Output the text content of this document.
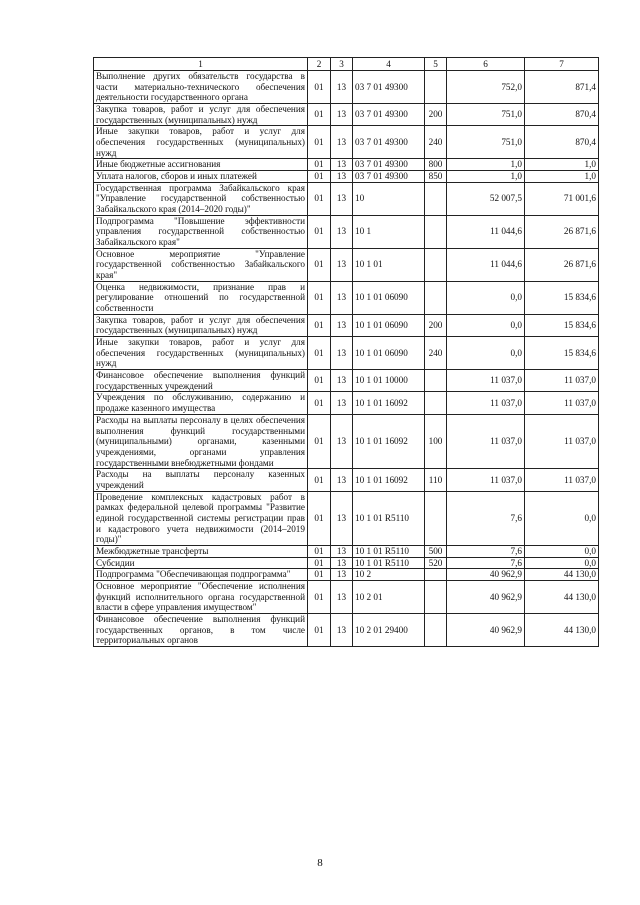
1	2	3	4	5	6	7
Выполнение других обязательств государства в части материально-технического обеспечения деятельности государственного органа	01	13	03 7 01 49300		752,0	871,4
Закупка товаров, работ и услуг для обеспечения государственных (муниципальных) нужд	01	13	03 7 01 49300	200	751,0	870,4
Иные закупки товаров, работ и услуг для обеспечения государственных (муниципальных) нужд	01	13	03 7 01 49300	240	751,0	870,4
Иные бюджетные ассигнования	01	13	03 7 01 49300	800	1,0	1,0
Уплата налогов, сборов и иных платежей	01	13	03 7 01 49300	850	1,0	1,0
Государственная программа Забайкальского края "Управление государственной собственностью Забайкальского края (2014–2020 годы)"	01	13	10		52 007,5	71 001,6
Подпрограмма "Повышение эффективности управления государственной собственностью Забайкальского края"	01	13	10 1		11 044,6	26 871,6
Основное мероприятие "Управление государственной собственностью Забайкальского края"	01	13	10 1 01		11 044,6	26 871,6
Оценка недвижимости, признание прав и регулирование отношений по государственной собственности	01	13	10 1 01 06090		0,0	15 834,6
Закупка товаров, работ и услуг для обеспечения государственных (муниципальных) нужд	01	13	10 1 01 06090	200	0,0	15 834,6
Иные закупки товаров, работ и услуг для обеспечения государственных (муниципальных) нужд	01	13	10 1 01 06090	240	0,0	15 834,6
Финансовое обеспечение выполнения функций государственных учреждений	01	13	10 1 01 10000		11 037,0	11 037,0
Учреждения по обслуживанию, содержанию и продаже казенного имущества	01	13	10 1 01 16092		11 037,0	11 037,0
Расходы на выплаты персоналу в целях обеспечения выполнения функций государственными (муниципальными) органами, казенными учреждениями, органами управления государственными внебюджетными фондами	01	13	10 1 01 16092	100	11 037,0	11 037,0
Расходы на выплаты персоналу казенных учреждений	01	13	10 1 01 16092	110	11 037,0	11 037,0
Проведение комплексных кадастровых работ в рамках федеральной целевой программы "Развитие единой государственной системы регистрации прав и кадастрового учета недвижимости (2014–2019 годы)"	01	13	10 1 01 R5110		7,6	0,0
Межбюджетные трансферты	01	13	10 1 01 R5110	500	7,6	0,0
Субсидии	01	13	10 1 01 R5110	520	7,6	0,0
Подпрограмма "Обеспечивающая подпрограмма"	01	13	10 2		40 962,9	44 130,0
Основное мероприятие "Обеспечение исполнения функций исполнительного органа государственной власти в сфере управления имуществом"	01	13	10 2 01		40 962,9	44 130,0
Финансовое обеспечение выполнения функций государственных органов, в том числе территориальных органов	01	13	10 2 01 29400		40 962,9	44 130,0
8
